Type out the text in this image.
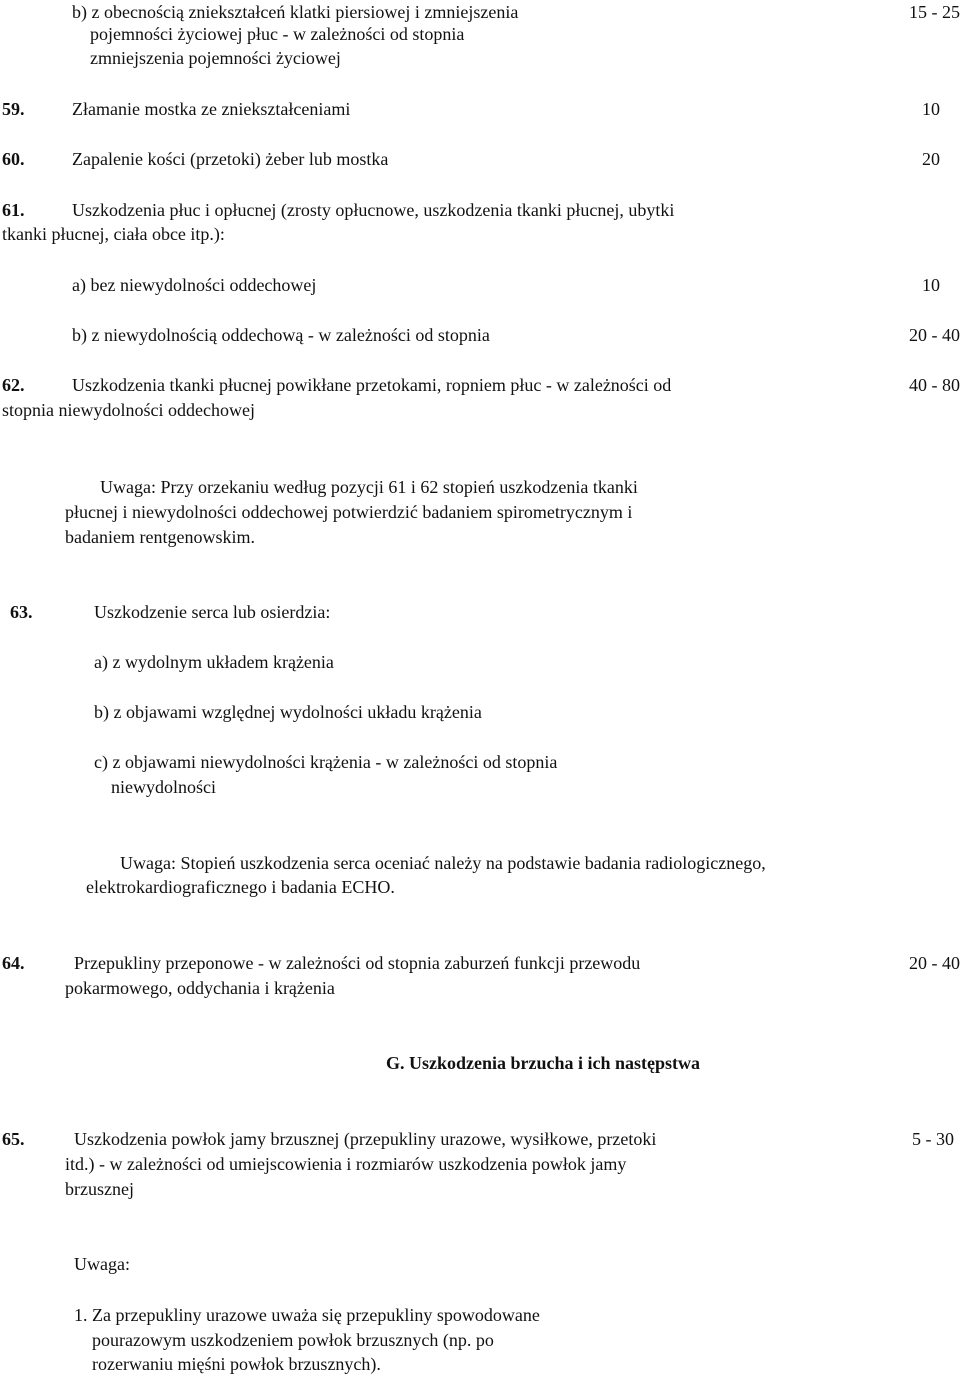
b) z obecnością zniekształceń klatki piersiowej i zmniejszenia
pojemności życiowej płuc - w zależności od stopnia
zmniejszenia pojemności życiowej
15 - 25
59.	Złamanie mostka ze zniekształceniami	10
60.	Zapalenie kości (przetoki) żeber lub mostka	20
61.	Uszkodzenia płuc i opłucnej (zrosty opłucnowe, uszkodzenia tkanki płucnej, ubytki
tkanki płucnej, ciała obce itp.):
a) bez niewydolności oddechowej	10
b) z niewydolnością oddechową - w zależności od stopnia	20 - 40
62.	Uszkodzenia tkanki płucnej powikłane przetokami, ropniem płuc - w zależności od
stopnia niewydolności oddechowej
40 - 80
Uwaga: Przy orzekaniu według pozycji 61 i 62 stopień uszkodzenia tkanki
płucnej i niewydolności oddechowej potwierdzić badaniem spirometrycznym i
badaniem rentgenowskim.
63.	Uszkodzenie serca lub osierdzia:
a) z wydolnym układem krążenia
b) z objawami względnej wydolności układu krążenia
c) z objawami niewydolności krążenia - w zależności od stopnia
niewydolności
Uwaga: Stopień uszkodzenia serca oceniać należy na podstawie badania radiologicznego,
elektrokardiograficznego i badania ECHO.
64.	Przepukliny przeponowe - w zależności od stopnia zaburzeń funkcji przewodu
pokarmowego, oddychania i krążenia
20 - 40
G. Uszkodzenia brzucha i ich następstwa
65.	Uszkodzenia powłok jamy brzusznej (przepukliny urazowe, wysiłkowe, przetoki
itd.) - w zależności od umiejscowienia i rozmiarów uszkodzenia powłok jamy
brzusznej
5 - 30
Uwaga:
1. Za przepukliny urazowe uważa się przepukliny spowodowane
pourazowym uszkodzeniem powłok brzusznych (np. po
rozerwaniu mięśni powłok brzusznych).
